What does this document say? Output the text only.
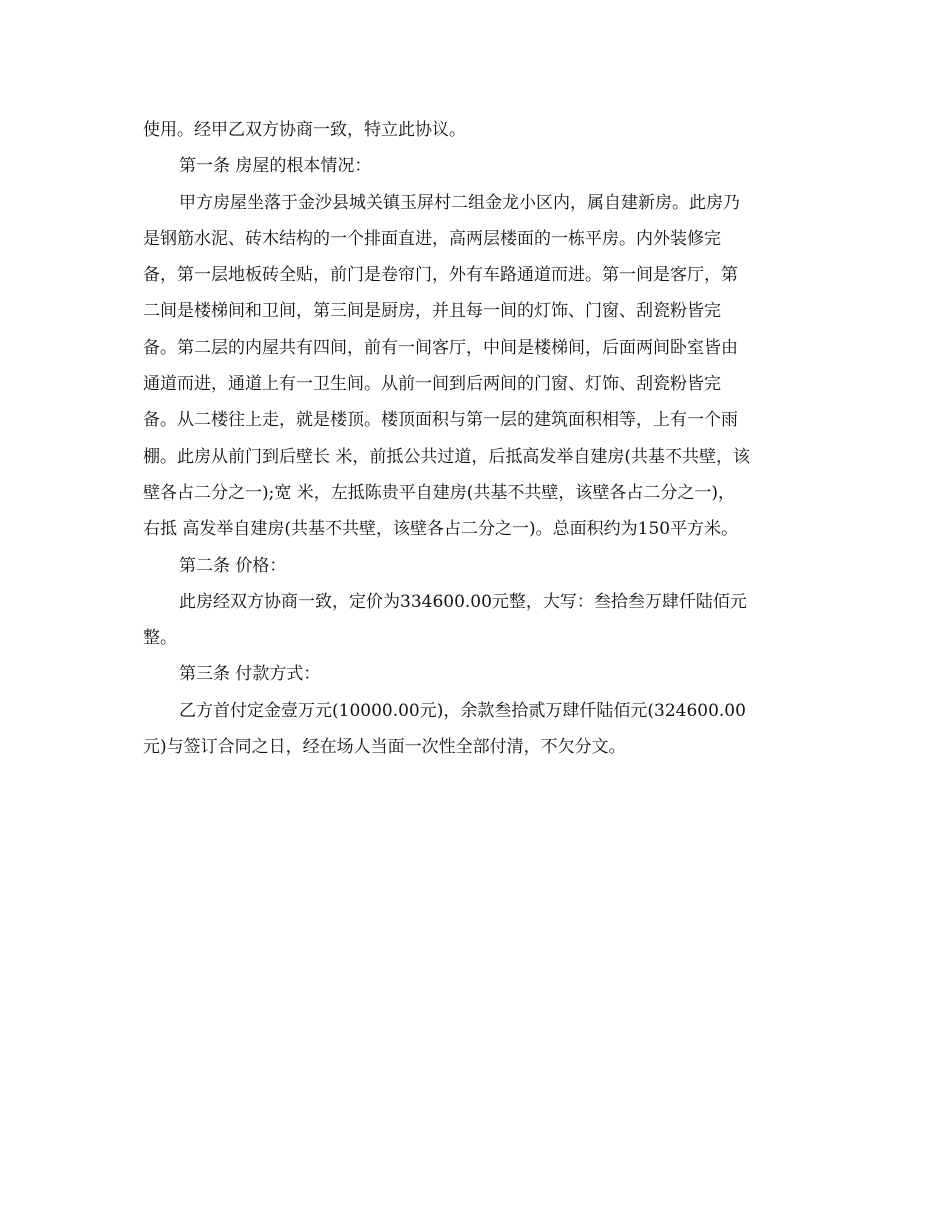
使用。经甲乙双方协商一致，特立此协议。
第一条 房屋的根本情况：
甲方房屋坐落于金沙县城关镇玉屏村二组金龙小区内，属自建新房。此房乃
是钢筋水泥、砖木结构的一个排面直进，高两层楼面的一栋平房。内外装修完
备，第一层地板砖全贴，前门是卷帘门，外有车路通道而进。第一间是客厅，第
二间是楼梯间和卫间，第三间是厨房，并且每一间的灯饰、门窗、刮瓷粉皆完
备。第二层的内屋共有四间，前有一间客厅，中间是楼梯间，后面两间卧室皆由
通道而进，通道上有一卫生间。从前一间到后两间的门窗、灯饰、刮瓷粉皆完
备。从二楼往上走，就是楼顶。楼顶面积与第一层的建筑面积相等，上有一个雨
棚。此房从前门到后壁长 米，前抵公共过道，后抵高发举自建房(共基不共壁，该
壁各占二分之一);宽 米，左抵陈贵平自建房(共基不共壁，该壁各占二分之一)，
右抵 高发举自建房(共基不共壁，该壁各占二分之一)。总面积约为150平方米。
第二条 价格：
此房经双方协商一致，定价为334600.00元整，大写：叁拾叁万肆仟陆佰元
整。
第三条 付款方式：
乙方首付定金壹万元(10000.00元)，余款叁拾贰万肆仟陆佰元(324600.00
元)与签订合同之日，经在场人当面一次性全部付清，不欠分文。
